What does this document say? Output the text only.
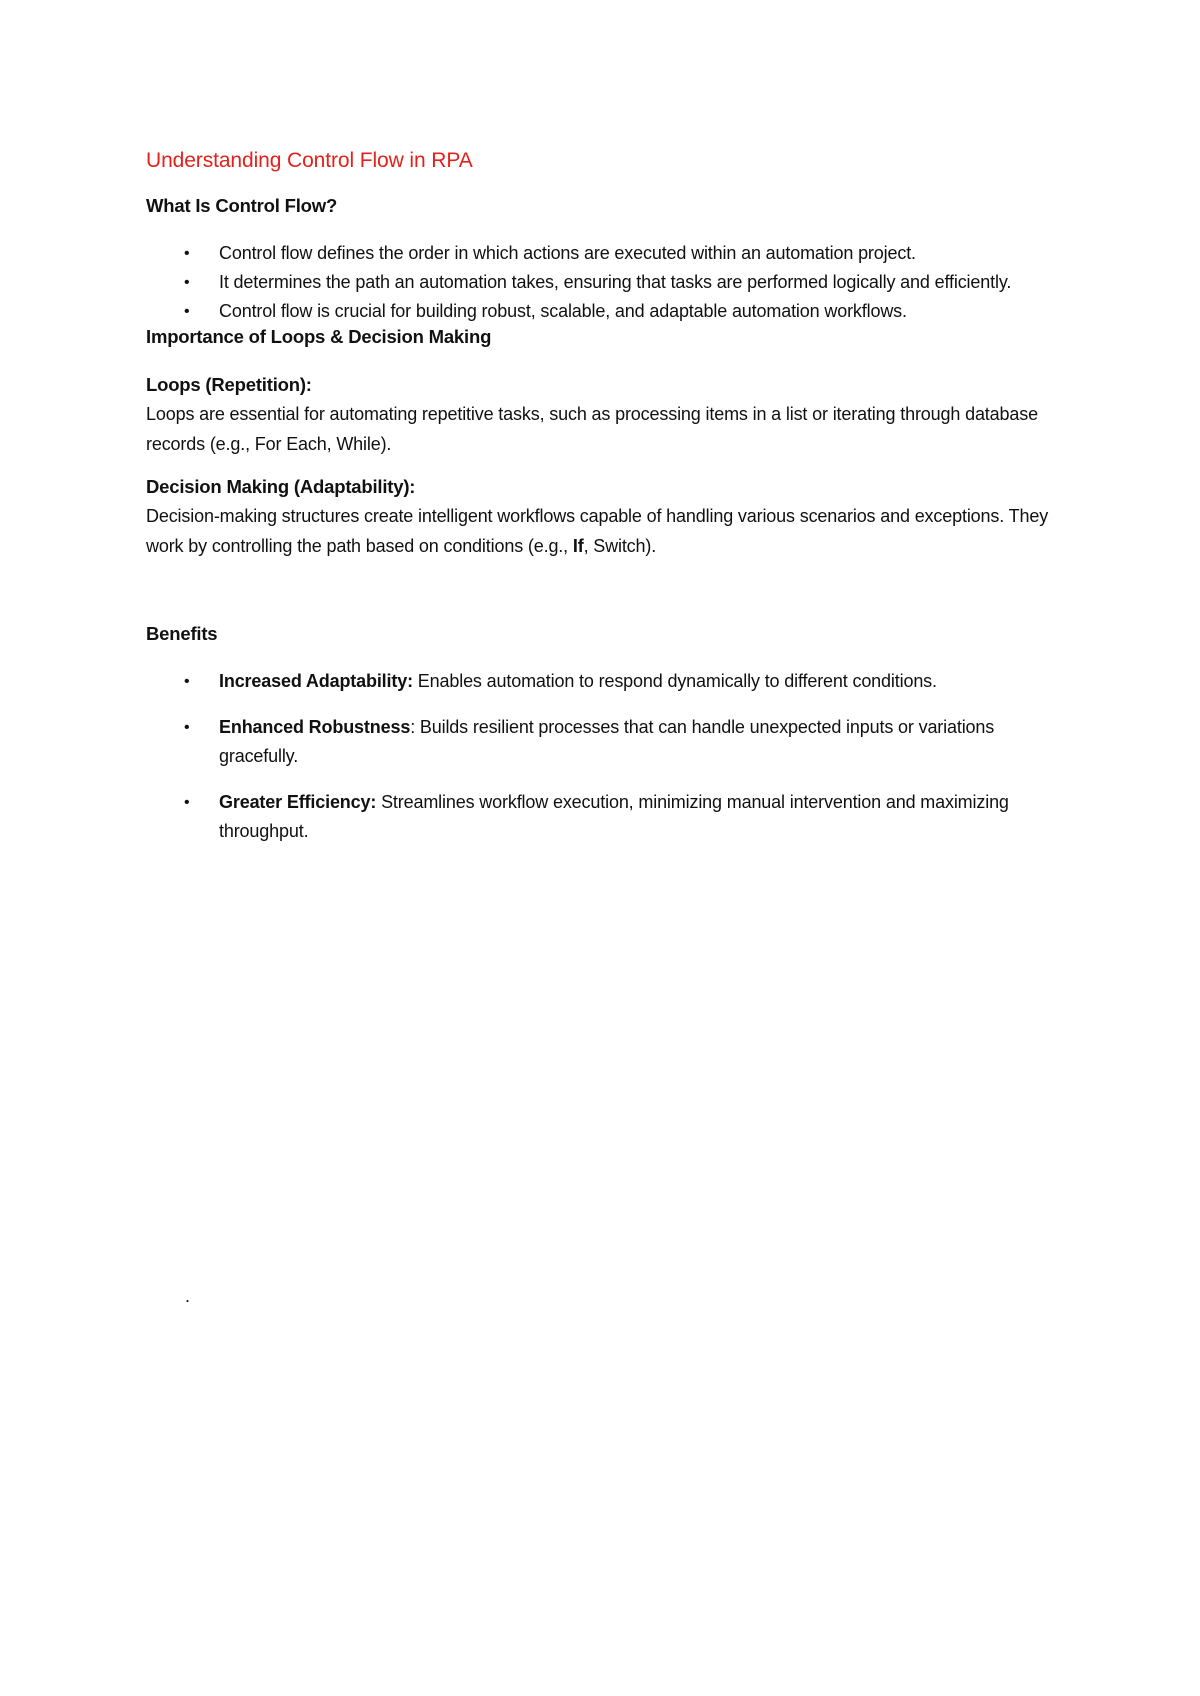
Understanding Control Flow in RPA
What Is Control Flow?
• Control flow defines the order in which actions are executed within an automation project.
• It determines the path an automation takes, ensuring that tasks are performed logically and efficiently.
• Control flow is crucial for building robust, scalable, and adaptable automation workflows.
Importance of Loops & Decision Making

Loops (Repetition):

Loops are essential for automating repetitive tasks, such as processing items in a list or iterating through database records (e.g., For Each, While).

Decision Making (Adaptability):

Decision-making structures create intelligent workflows capable of handling various scenarios and exceptions. They work by controlling the path based on conditions (e.g., If, Switch).

Benefits
• Increased Adaptability: Enables automation to respond dynamically to different conditions.
• Enhanced Robustness: Builds resilient processes that can handle unexpected inputs or variations gracefully.
• Greater Efficiency: Streamlines workflow execution, minimizing manual intervention and maximizing throughput.
.
